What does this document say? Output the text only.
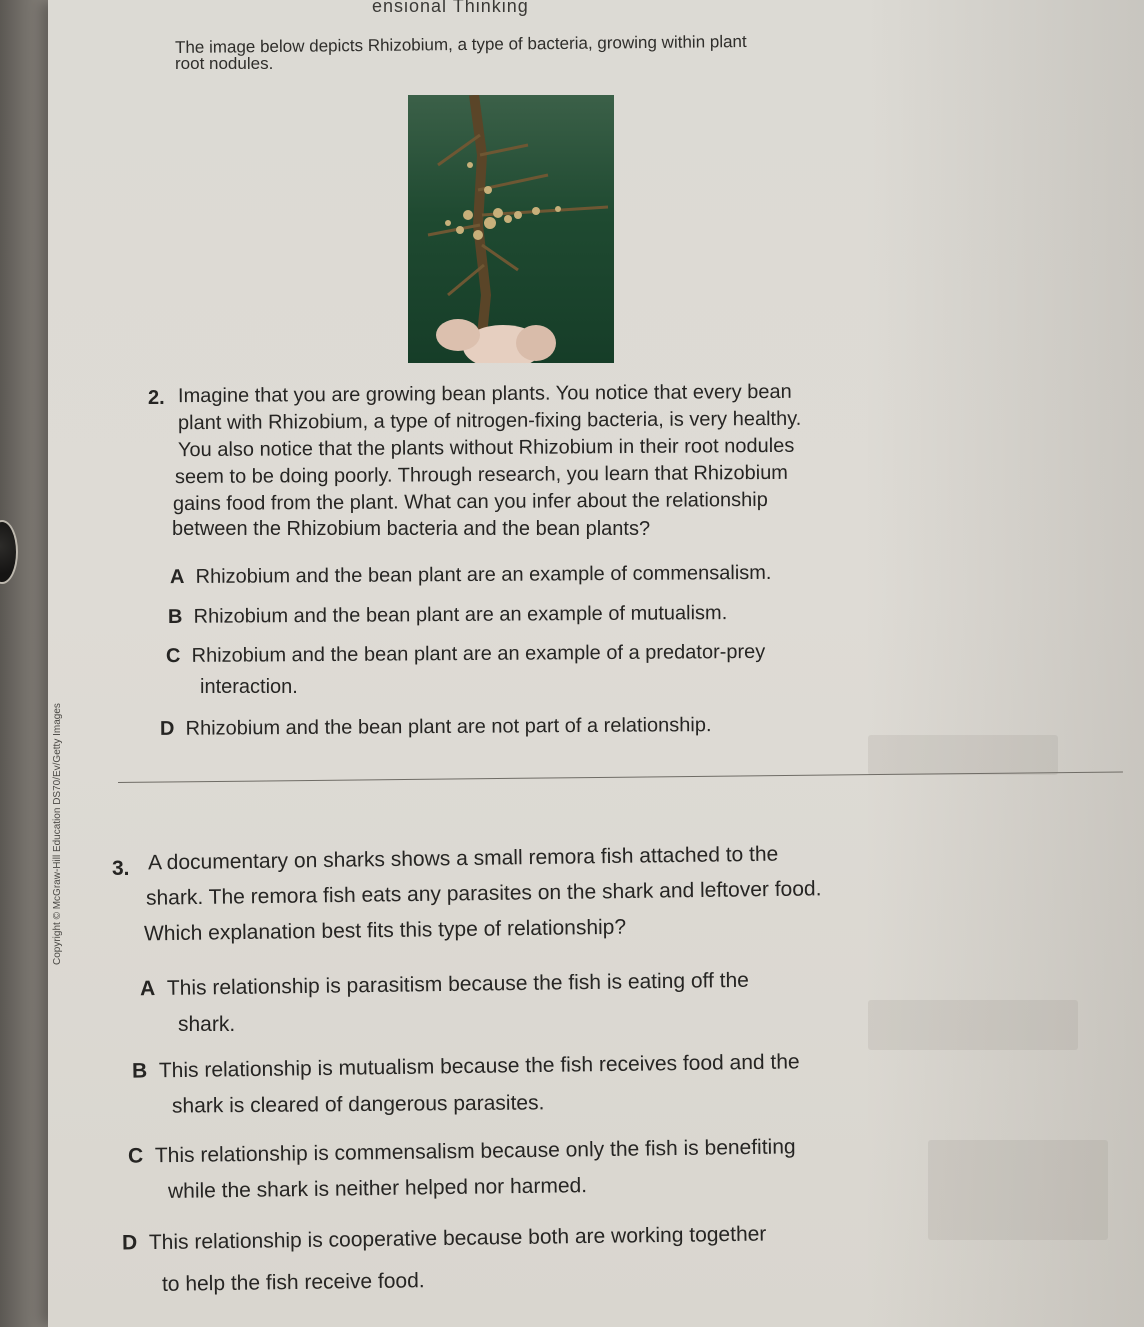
ensional Thinking
The image below depicts Rhizobium, a type of bacteria, growing within plant
root nodules.
2. Imagine that you are growing bean plants. You notice that every bean
plant with Rhizobium, a type of nitrogen-fixing bacteria, is very healthy.
You also notice that the plants without Rhizobium in their root nodules
seem to be doing poorly. Through research, you learn that Rhizobium
gains food from the plant. What can you infer about the relationship
between the Rhizobium bacteria and the bean plants?
A Rhizobium and the bean plant are an example of commensalism.
B Rhizobium and the bean plant are an example of mutualism.
C Rhizobium and the bean plant are an example of a predator-prey
interaction.
D Rhizobium and the bean plant are not part of a relationship.
3. A documentary on sharks shows a small remora fish attached to the
shark. The remora fish eats any parasites on the shark and leftover food.
Which explanation best fits this type of relationship?
A This relationship is parasitism because the fish is eating off the
shark.
B This relationship is mutualism because the fish receives food and the
shark is cleared of dangerous parasites.
C This relationship is commensalism because only the fish is benefiting
while the shark is neither helped nor harmed.
D This relationship is cooperative because both are working together
to help the fish receive food.
Copyright © McGraw-Hill Education DS70/Ev/Getty Images
